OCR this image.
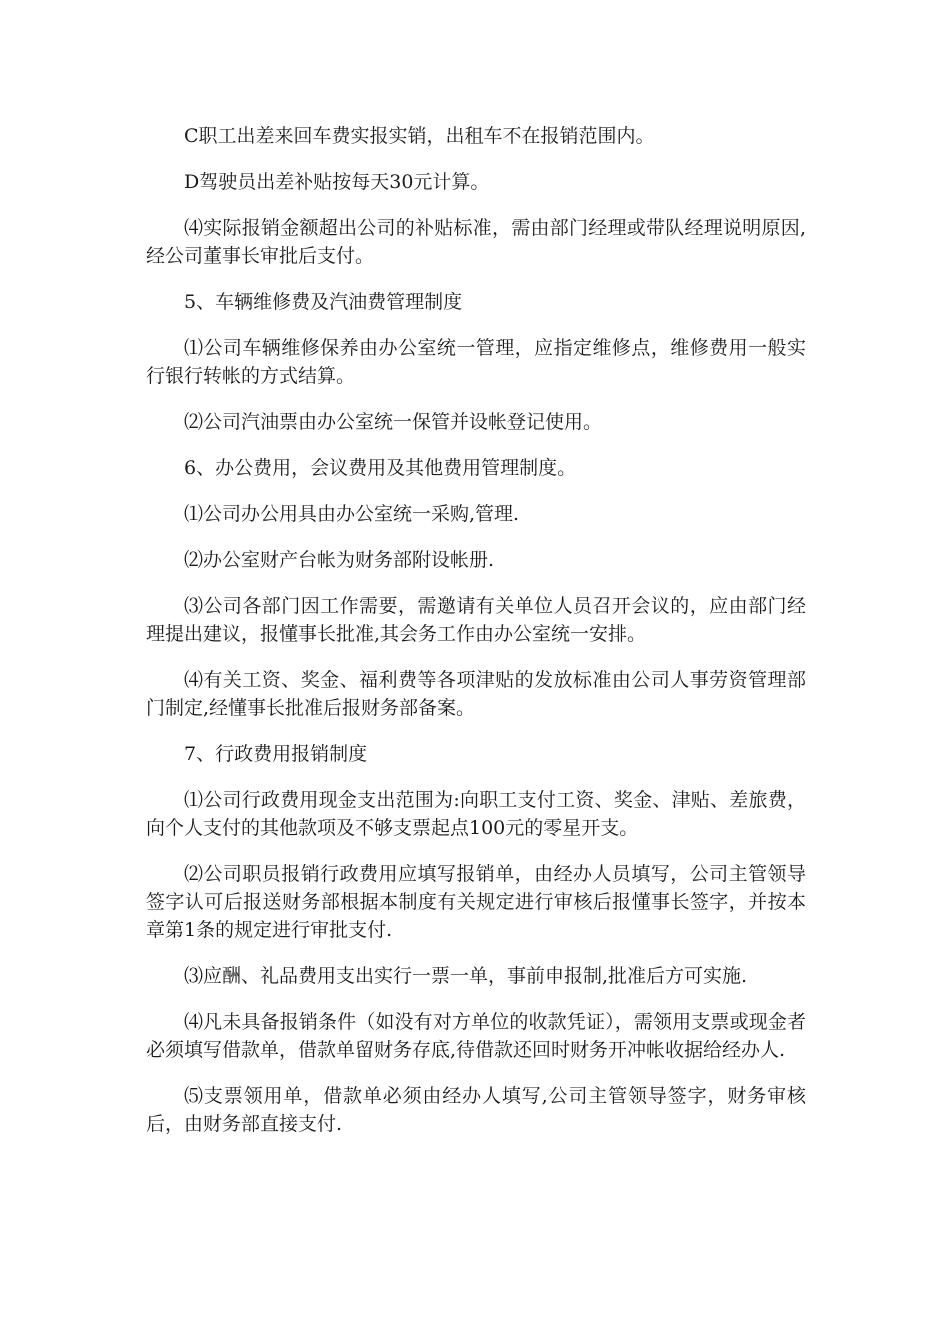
C职工出差来回车费实报实销，出租车不在报销范围内。

D驾驶员出差补贴按每天30元计算。

⑷实际报销金额超出公司的补贴标准，需由部门经理或带队经理说明原因,经公司董事长审批后支付。

5、车辆维修费及汽油费管理制度

⑴公司车辆维修保养由办公室统一管理，应指定维修点，维修费用一般实行银行转帐的方式结算。

⑵公司汽油票由办公室统一保管并设帐登记使用。

6、办公费用，会议费用及其他费用管理制度。

⑴公司办公用具由办公室统一采购,管理.

⑵办公室财产台帐为财务部附设帐册.

⑶公司各部门因工作需要，需邀请有关单位人员召开会议的，应由部门经理提出建议，报懂事长批准,其会务工作由办公室统一安排。

⑷有关工资、奖金、福利费等各项津贴的发放标准由公司人事劳资管理部门制定,经懂事长批准后报财务部备案。

7、行政费用报销制度

⑴公司行政费用现金支出范围为:向职工支付工资、奖金、津贴、差旅费，向个人支付的其他款项及不够支票起点100元的零星开支。

⑵公司职员报销行政费用应填写报销单，由经办人员填写，公司主管领导签字认可后报送财务部根据本制度有关规定进行审核后报懂事长签字，并按本章第1条的规定进行审批支付.

⑶应酬、礼品费用支出实行一票一单，事前申报制,批准后方可实施.

⑷凡未具备报销条件（如没有对方单位的收款凭证），需领用支票或现金者必须填写借款单，借款单留财务存底,待借款还回时财务开冲帐收据给经办人.

⑸支票领用单，借款单必须由经办人填写,公司主管领导签字，财务审核后，由财务部直接支付.
